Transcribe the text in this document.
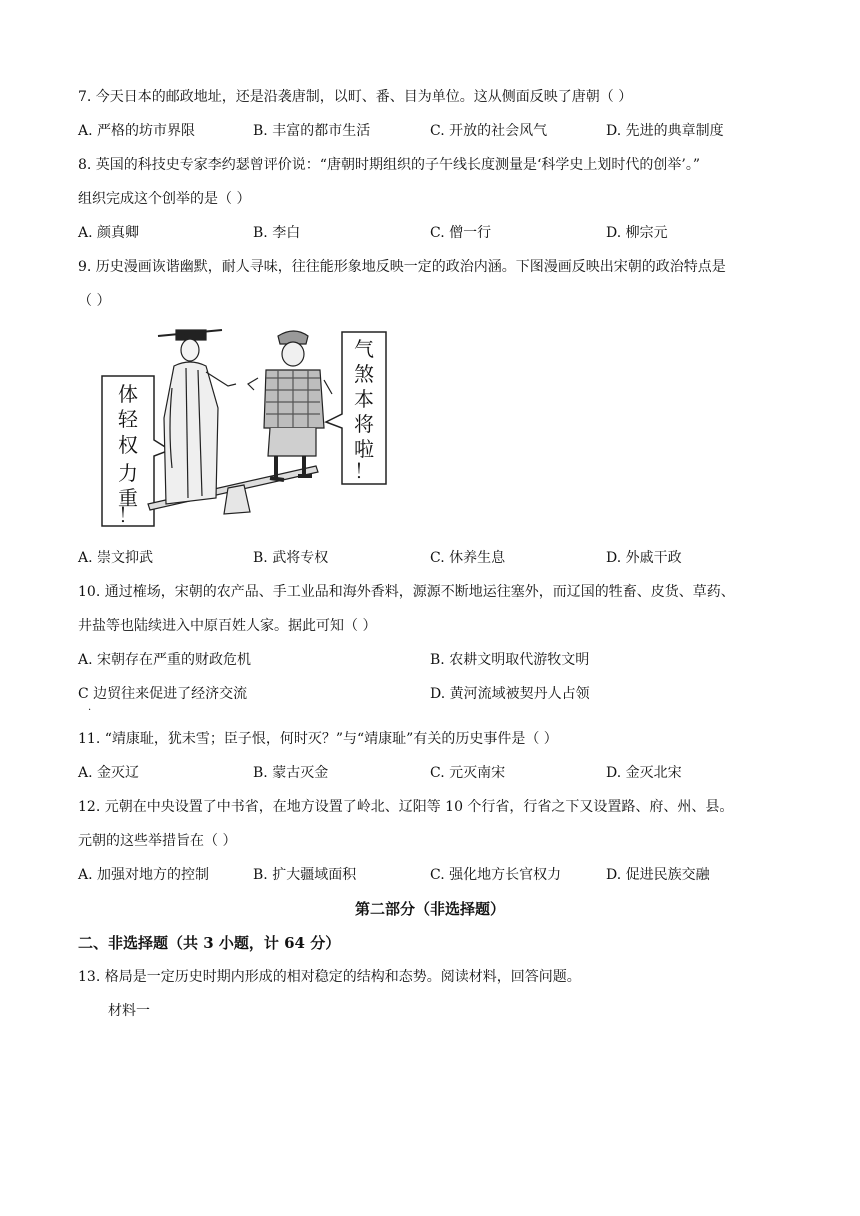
7. 今天日本的邮政地址，还是沿袭唐制，以町、番、目为单位。这从侧面反映了唐朝（ ）
A. 严格的坊市界限	B. 丰富的都市生活	C. 开放的社会风气	D. 先进的典章制度
8. 英国的科技史专家李约瑟曾评价说：“唐朝时期组织的子午线长度测量是‘科学史上划时代的创举’。”
组织完成这个创举的是（ ）
A. 颜真卿	B. 李白	C. 僧一行	D. 柳宗元
9. 历史漫画诙谐幽默，耐人寻味，往往能形象地反映一定的政治内涵。下图漫画反映出宋朝的政治特点是
（ ）
体
轻
权
力
重
！
气
煞
本
将
啦
！
A. 崇文抑武	B. 武将专权	C. 休养生息	D. 外戚干政
10. 通过榷场，宋朝的农产品、手工业品和海外香料，源源不断地运往塞外，而辽国的牲畜、皮货、草药、
井盐等也陆续进入中原百姓人家。据此可知（ ）
A. 宋朝存在严重的财政危机	B. 农耕文明取代游牧文明
C 边贸往来促进了经济交流	D. 黄河流域被契丹人占领
.
11. “靖康耻，犹未雪；臣子恨，何时灭？”与“靖康耻”有关的历史事件是（ ）
A. 金灭辽	B. 蒙古灭金	C. 元灭南宋	D. 金灭北宋
12. 元朝在中央设置了中书省，在地方设置了岭北、辽阳等 10 个行省，行省之下又设置路、府、州、县。
元朝的这些举措旨在（ ）
A. 加强对地方的控制	B. 扩大疆域面积	C. 强化地方长官权力	D. 促进民族交融
第二部分（非选择题）
二、非选择题（共 3 小题，计 64 分）
13. 格局是一定历史时期内形成的相对稳定的结构和态势。阅读材料，回答问题。
材料一
